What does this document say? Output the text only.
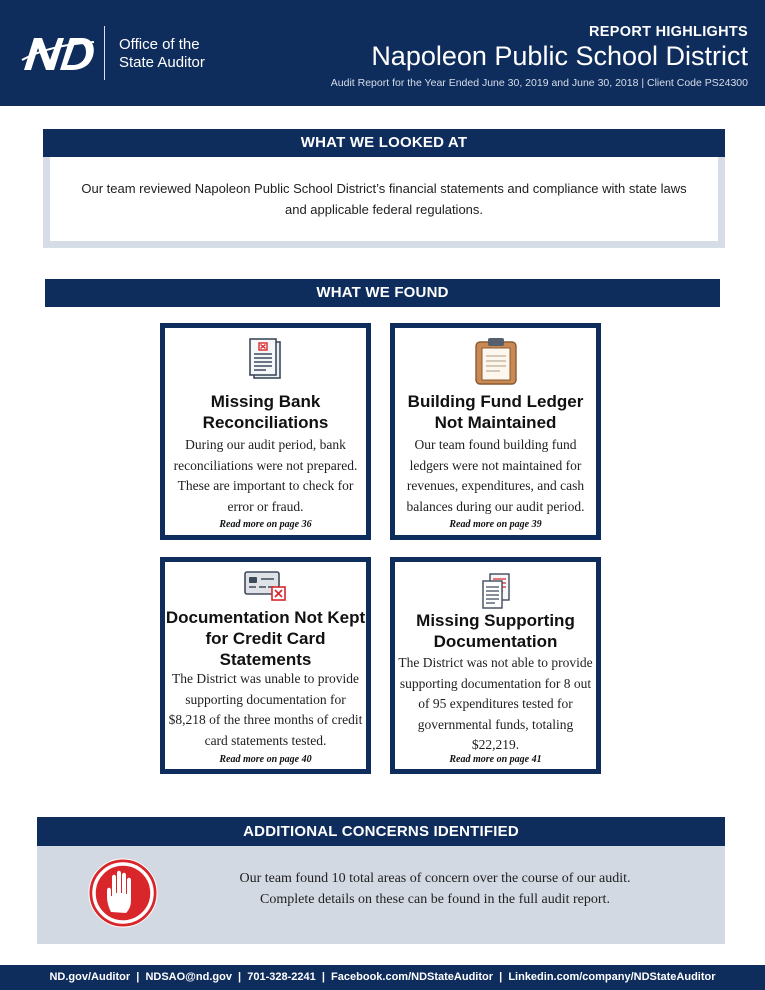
Office of the
State Auditor
REPORT HIGHLIGHTS
Napoleon Public School District
Audit Report for the Year Ended June 30, 2019 and June 30, 2018 | Client Code PS24300
WHAT WE LOOKED AT
Our team reviewed Napoleon Public School District’s financial statements and compliance with state laws and applicable federal regulations.
WHAT WE FOUND
Missing Bank Reconciliations
During our audit period, bank reconciliations were not prepared. These are important to check for error or fraud.
Read more on page 36
Building Fund Ledger Not Maintained
Our team found building fund ledgers were not maintained for revenues, expenditures, and cash balances during our audit period.
Read more on page 39
Documentation Not Kept for Credit Card Statements
The District was unable to provide supporting documentation for $8,218 of the three months of credit card statements tested.
Read more on page 40
Missing Supporting Documentation
The District was not able to provide supporting documentation for 8 out of 95 expenditures tested for governmental funds, totaling $22,219.
Read more on page 41
ADDITIONAL CONCERNS IDENTIFIED
Our team found 10 total areas of concern over the course of our audit.
Complete details on these can be found in the full audit report.
ND.gov/Auditor  |  NDSAO@nd.gov  |  701-328-2241  |  Facebook.com/NDStateAuditor  |  Linkedin.com/company/NDStateAuditor
